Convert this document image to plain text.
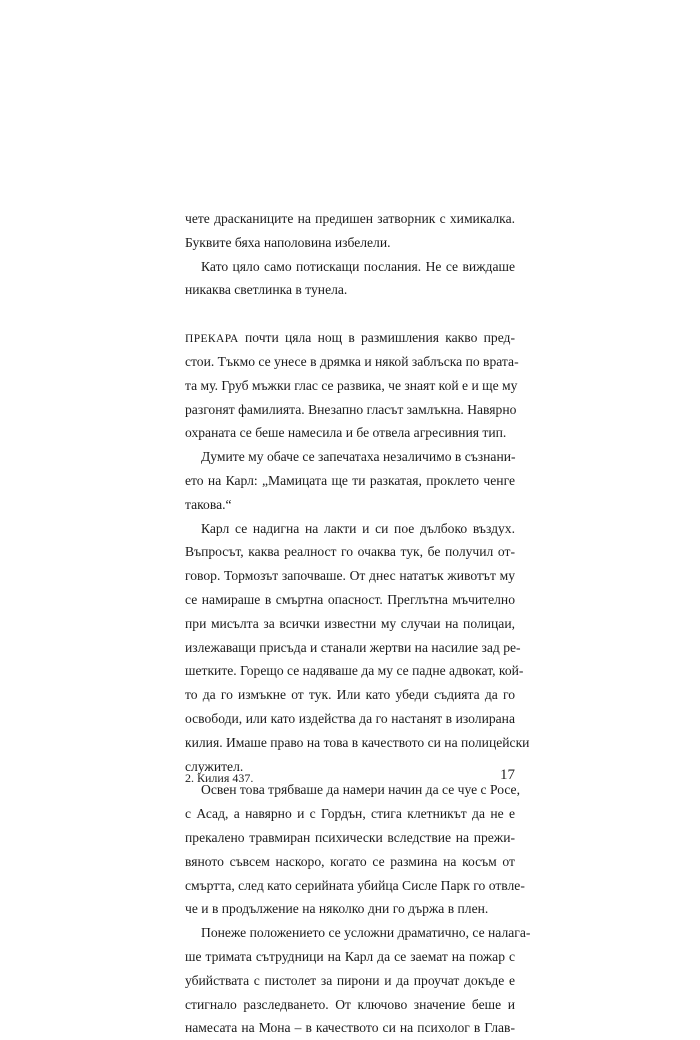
чете драсканиците на предишен затворник с химикалка.
Буквите бяха наполовина избелели.
Като цяло само потискащи послания. Не се виждаше
никаква светлинка в тунела.
ПРЕКАРА почти цяла нощ в размишления какво пред-
стои. Тъкмо се унесе в дрямка и някой заблъска по врата-
та му. Груб мъжки глас се развика, че знаят кой е и ще му
разгонят фамилията. Внезапно гласът замлъкна. Навярно
охраната се беше намесила и бе отвела агресивния тип.
Думите му обаче се запечатаха незаличимо в съзнани-
ето на Карл: „Мамицата ще ти разкатая, проклето ченге
такова.“
Карл се надигна на лакти и си пое дълбоко въздух.
Въпросът, каква реалност го очаква тук, бе получил от-
говор. Тормозът започваше. От днес нататък животът му
се намираше в смъртна опасност. Преглътна мъчително
при мисълта за всички известни му случаи на полицаи,
излежаващи присъда и станали жертви на насилие зад ре-
шетките. Горещо се надяваше да му се падне адвокат, кой-
то да го измъкне от тук. Или като убеди съдията да го
освободи, или като издейства да го настанят в изолирана
килия. Имаше право на това в качеството си на полицейски
служител.
Освен това трябваше да намери начин да се чуе с Росе,
с Асад, а навярно и с Гордън, стига клетникът да не е
прекалено травмиран психически вследствие на прежи-
вяното съвсем наскоро, когато се размина на косъм от
смъртта, след като серийната убийца Сисле Парк го отвле-
че и в продължение на няколко дни го държа в плен.
Понеже положението се усложни драматично, се налага-
ше тримата сътрудници на Карл да се заемат на пожар с
убийствата с пистолет за пирони и да проучат докъде е
стигнало разследването. От ключово значение беше и
намесата на Мона – в качеството си на психолог в Глав-
2. Килия 437.	17
